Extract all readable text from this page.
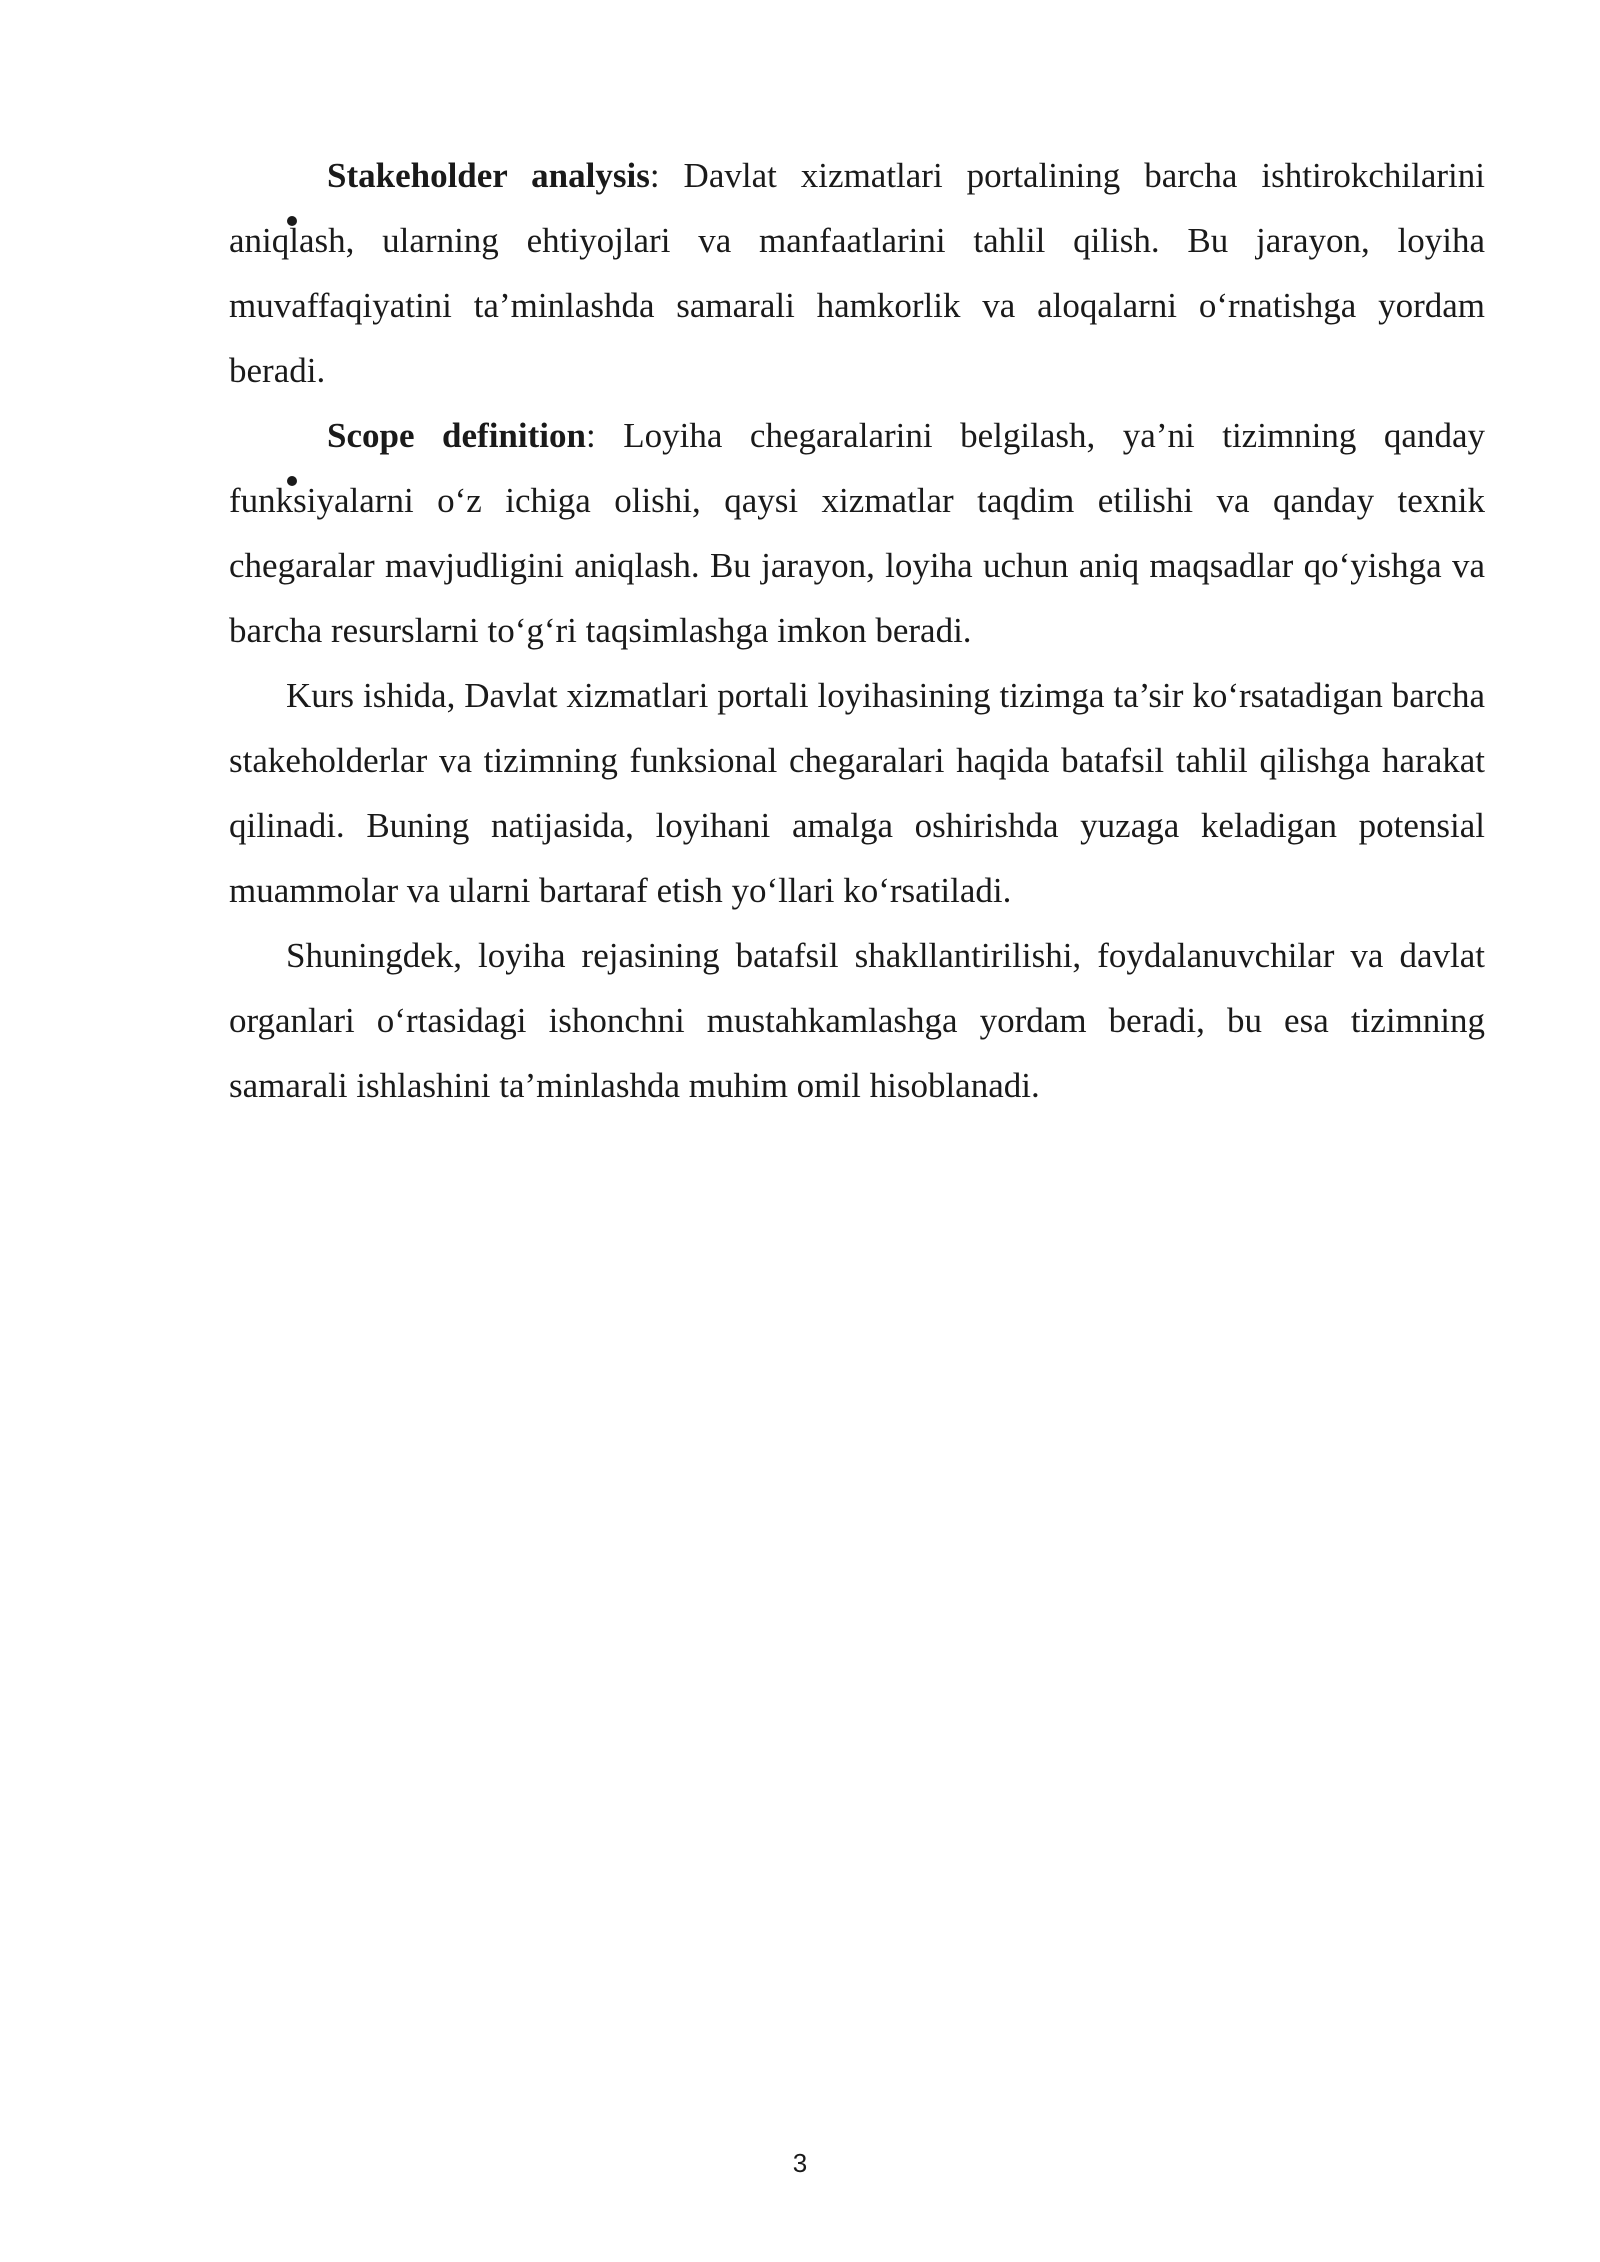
Stakeholder analysis: Davlat xizmatlari portalining barcha ishtirokchilarini aniqlash, ularning ehtiyojlari va manfaatlarini tahlil qilish. Bu jarayon, loyiha muvaffaqiyatini ta’minlashda samarali hamkorlik va aloqalarni o‘rnatishga yordam beradi.

Scope definition: Loyiha chegaralarini belgilash, ya’ni tizimning qanday funksiyalarni o‘z ichiga olishi, qaysi xizmatlar taqdim etilishi va qanday texnik chegaralar mavjudligini aniqlash. Bu jarayon, loyiha uchun aniq maqsadlar qo‘yishga va barcha resurslarni to‘g‘ri taqsimlashga imkon beradi.

Kurs ishida, Davlat xizmatlari portali loyihasining tizimga ta’sir ko‘rsatadigan barcha stakeholderlar va tizimning funksional chegaralari haqida batafsil tahlil qilishga harakat qilinadi. Buning natijasida, loyihani amalga oshirishda yuzaga keladigan potensial muammolar va ularni bartaraf etish yo‘llari ko‘rsatiladi.

Shuningdek, loyiha rejasining batafsil shakllantirilishi, foydalanuvchilar va davlat organlari o‘rtasidagi ishonchni mustahkamlashga yordam beradi, bu esa tizimning samarali ishlashini ta’minlashda muhim omil hisoblanadi.

3
